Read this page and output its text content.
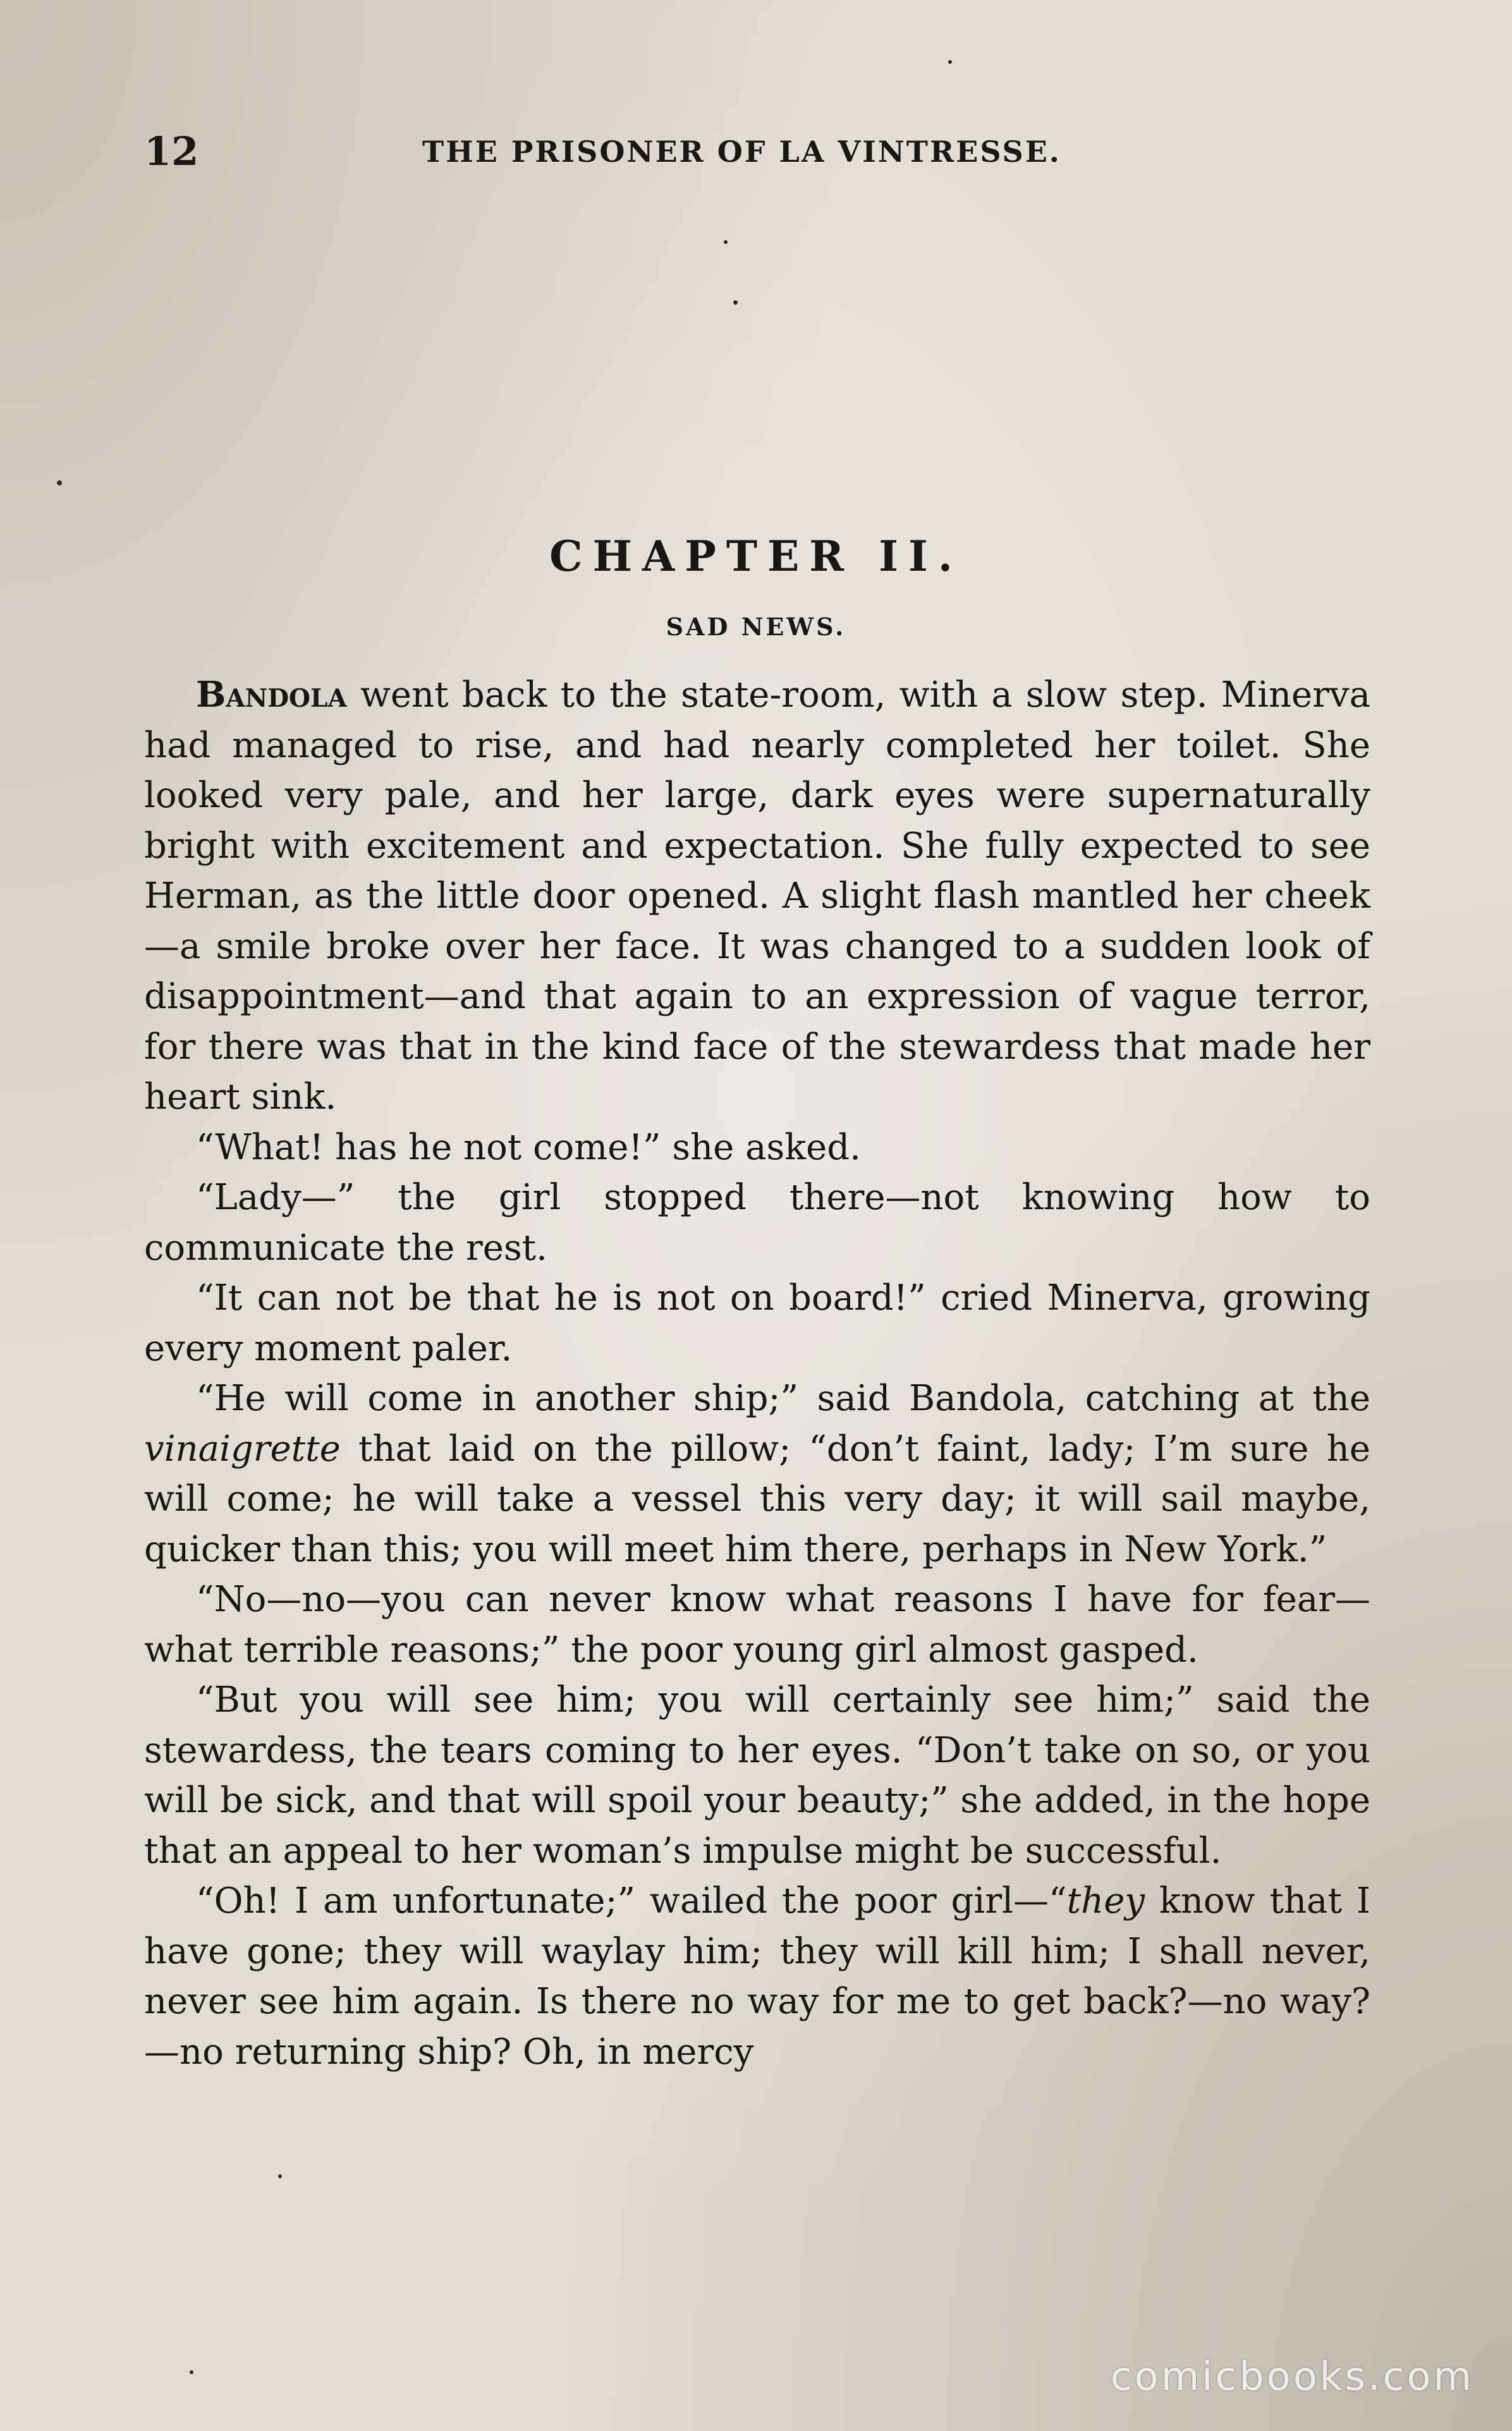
12	THE PRISONER OF LA VINTRESSE.
CHAPTER II.
SAD NEWS.

Bandola went back to the state-room, with a slow step. Minerva had managed to rise, and had nearly completed her toilet. She looked very pale, and her large, dark eyes were supernaturally bright with excitement and expectation. She fully expected to see Herman, as the little door opened. A slight flash mantled her cheek—a smile broke over her face. It was changed to a sudden look of disappointment—and that again to an expression of vague terror, for there was that in the kind face of the stewardess that made her heart sink.

“What! has he not come!” she asked.

“Lady—” the girl stopped there—not knowing how to communicate the rest.

“It can not be that he is not on board!” cried Minerva, growing every moment paler.

“He will come in another ship;” said Bandola, catching at the vinaigrette that laid on the pillow; “don’t faint, lady; I’m sure he will come; he will take a vessel this very day; it will sail maybe, quicker than this; you will meet him there, perhaps in New York.”

“No—no—you can never know what reasons I have for fear—what terrible reasons;” the poor young girl almost gasped.

“But you will see him; you will certainly see him;” said the stewardess, the tears coming to her eyes. “Don’t take on so, or you will be sick, and that will spoil your beauty;” she added, in the hope that an appeal to her woman’s impulse might be successful.

“Oh! I am unfortunate;” wailed the poor girl—“they know that I have gone; they will waylay him; they will kill him; I shall never, never see him again. Is there no way for me to get back?—no way?—no returning ship? Oh, in mercy

comicbooks.com
